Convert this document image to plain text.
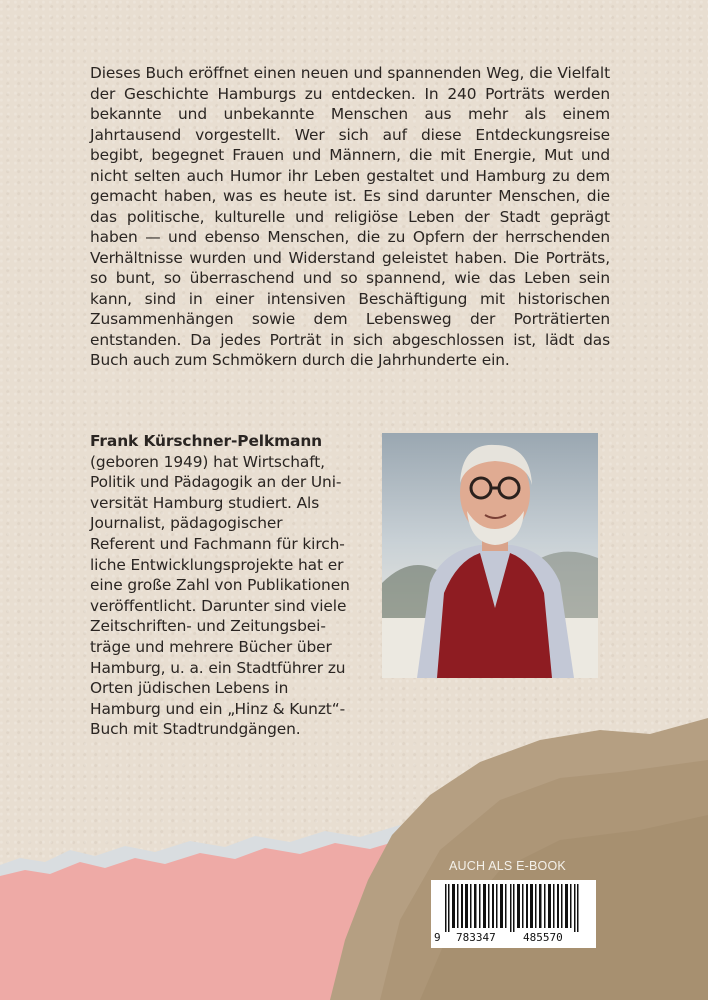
Dieses Buch eröffnet einen neuen und spannenden Weg, die Vielfalt der Geschichte Hamburgs zu entdecken. In 240 Porträts werden bekannte und unbekannte Menschen aus mehr als einem Jahrtausend vorgestellt. Wer sich auf diese Entdeckungsreise begibt, begegnet Frauen und Männern, die mit Energie, Mut und nicht selten auch Humor ihr Leben gestaltet und Hamburg zu dem gemacht haben, was es heute ist. Es sind darunter Menschen, die das politische, kulturelle und religiöse Leben der Stadt geprägt haben — und ebenso Menschen, die zu Opfern der herrschenden Verhältnisse wurden und Widerstand geleistet haben. Die Porträts, so bunt, so überraschend und so spannend, wie das Leben sein kann, sind in einer intensiven Beschäftigung mit historischen Zusammenhängen sowie dem Lebensweg der Porträtierten entstanden. Da jedes Porträt in sich abgeschlossen ist, lädt das Buch auch zum Schmökern durch die Jahrhunderte ein.
Frank Kürschner-Pelkmann
(geboren 1949) hat Wirtschaft,
Politik und Pädagogik an der Uni-
versität Hamburg studiert. Als
Journalist, pädagogischer
Referent und Fachmann für kirch-
liche Entwicklungsprojekte hat er
eine große Zahl von Publikationen
veröffentlicht. Darunter sind viele
Zeitschriften- und Zeitungsbei-
träge und mehrere Bücher über
Hamburg, u. a. ein Stadtführer zu
Orten jüdischen Lebens in
Hamburg und ein „Hinz & Kunzt“-
Buch mit Stadtrundgängen.
AUCH ALS E-BOOK
9 783347 485570
